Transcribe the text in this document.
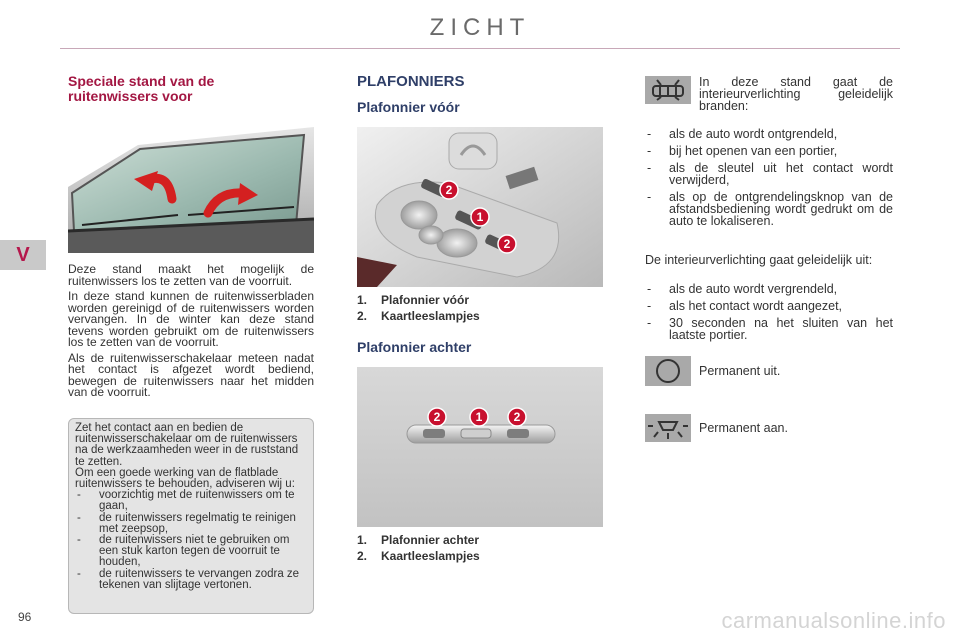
ZICHT
V
96
Speciale stand van de
ruitenwissers voor

Deze stand maakt het mogelijk de ruitenwissers los te zetten van de voorruit.

In deze stand kunnen de ruitenwisserbladen worden gereinigd of de ruitenwissers worden vervangen. In de winter kan deze stand tevens worden gebruikt om de ruitenwissers los te zetten van de voorruit.

Als de ruitenwisserschakelaar meteen nadat het contact is afgezet wordt bediend, bewegen de ruitenwissers naar het midden van de voorruit.

Zet het contact aan en bedien de ruitenwisserschakelaar om de ruitenwissers na de werkzaamheden weer in de ruststand te zetten.
Om een goede werking van de flatblade ruitenwissers te behouden, adviseren wij u:
- voorzichtig met de ruitenwissers om te gaan,
- de ruitenwissers regelmatig te reinigen met zeepsop,
- de ruitenwissers niet te gebruiken om een stuk karton tegen de voorruit te houden,
- de ruitenwissers te vervangen zodra ze tekenen van slijtage vertonen.
PLAFONNIERS
Plafonnier vóór
2
1
2
1. Plafonnier vóór
2. Kaartleeslampjes
Plafonnier achter
2	1	2
1. Plafonnier achter
2. Kaartleeslampjes
In deze stand gaat de interieurverlichting geleidelijk branden:
- als de auto wordt ontgrendeld,
- bij het openen van een portier,
- als de sleutel uit het contact wordt verwijderd,
- als op de ontgrendelingsknop van de afstandsbediening wordt gedrukt om de auto te lokaliseren.
De interieurverlichting gaat geleidelijk uit:
- als de auto wordt vergrendeld,
- als het contact wordt aangezet,
- 30 seconden na het sluiten van het laatste portier.
Permanent uit.
Permanent aan.
carmanualsonline.info
